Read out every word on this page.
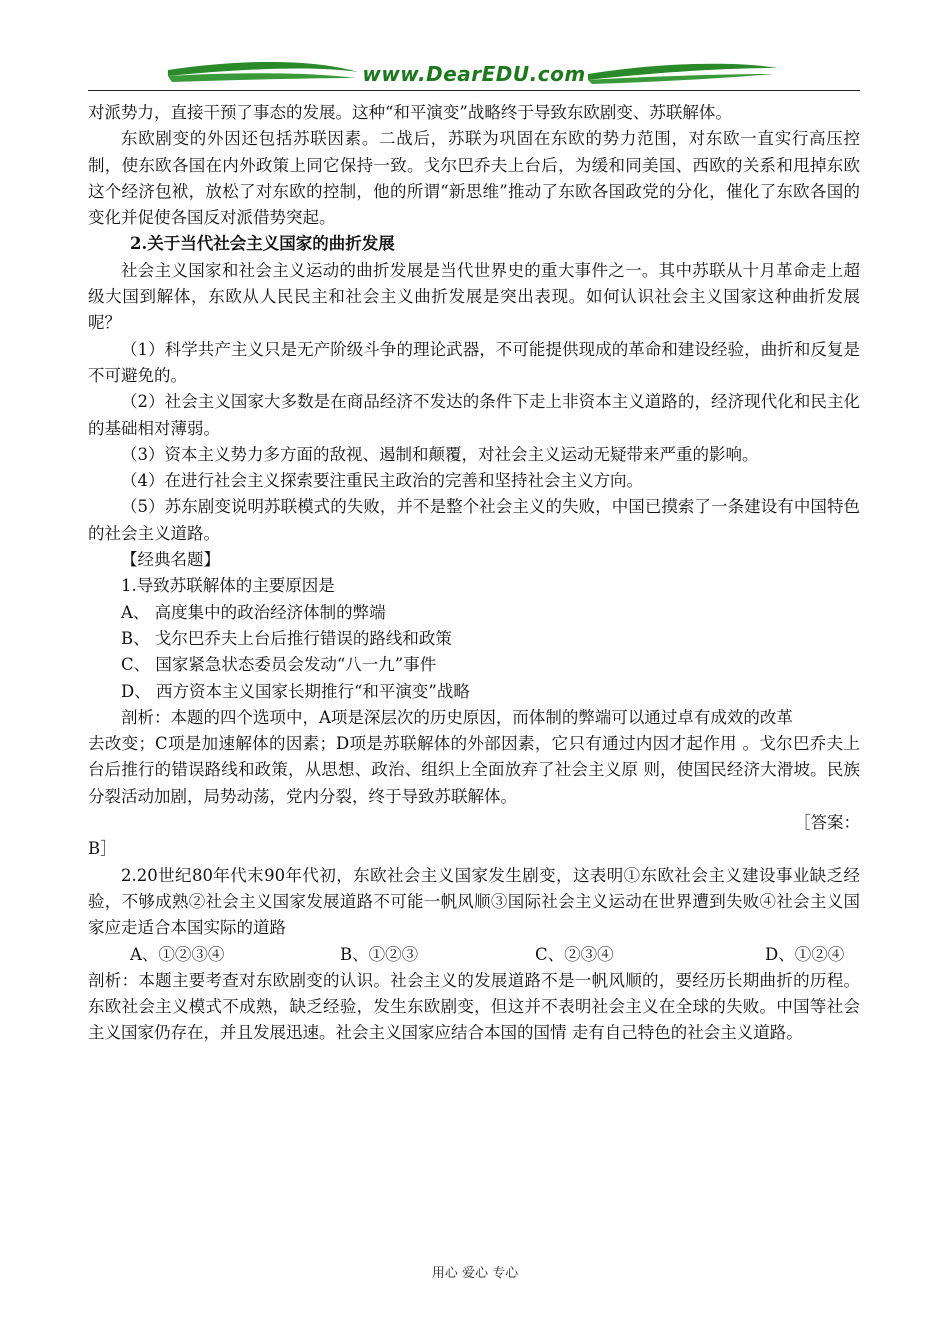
www.DearEDU.com

对派势力，直接干预了事态的发展。这种“和平演变”战略终于导致东欧剧变、苏联解体。

东欧剧变的外因还包括苏联因素。二战后，苏联为巩固在东欧的势力范围，对东欧一直实行高压控制，使东欧各国在内外政策上同它保持一致。戈尔巴乔夫上台后，为缓和同美国、西欧的关系和甩掉东欧这个经济包袱，放松了对东欧的控制，他的所谓“新思维”推动了东欧各国政党的分化，催化了东欧各国的变化并促使各国反对派借势突起。

2.关于当代社会主义国家的曲折发展

社会主义国家和社会主义运动的曲折发展是当代世界史的重大事件之一。其中苏联从十月革命走上超级大国到解体，东欧从人民民主和社会主义曲折发展是突出表现。如何认识社会主义国家这种曲折发展呢？

（1）科学共产主义只是无产阶级斗争的理论武器，不可能提供现成的革命和建设经验，曲折和反复是不可避免的。

（2）社会主义国家大多数是在商品经济不发达的条件下走上非资本主义道路的，经济现代化和民主化的基础相对薄弱。

（3）资本主义势力多方面的敌视、遏制和颠覆，对社会主义运动无疑带来严重的影响。

（4）在进行社会主义探索要注重民主政治的完善和坚持社会主义方向。

（5）苏东剧变说明苏联模式的失败，并不是整个社会主义的失败，中国已摸索了一条建设有中国特色的社会主义道路。

【经典名题】

1.导致苏联解体的主要原因是

A、 高度集中的政治经济体制的弊端

B、 戈尔巴乔夫上台后推行错误的路线和政策

C、 国家紧急状态委员会发动“八一九”事件

D、 西方资本主义国家长期推行“和平演变”战略

剖析：本题的四个选项中，A项是深层次的历史原因，而体制的弊端可以通过卓有成效的改革

去改变；C项是加速解体的因素；D项是苏联解体的外部因素，它只有通过内因才起作用 。戈尔巴乔夫上台后推行的错误路线和政策，从思想、政治、组织上全面放弃了社会主义原 则，使国民经济大滑坡。民族分裂活动加剧，局势动荡，党内分裂，终于导致苏联解体。

［答案：

B］

2.20世纪80年代末90年代初，东欧社会主义国家发生剧变，这表明①东欧社会主义建设事业缺乏经验，不够成熟②社会主义国家发展道路不可能一帆风顺③国际社会主义运动在世界遭到失败④社会主义国家应走适合本国实际的道路

A、①②③④	B、①②③	C、②③④	D、①②④

剖析：本题主要考查对东欧剧变的认识。社会主义的发展道路不是一帆风顺的，要经历长期曲折的历程。东欧社会主义模式不成熟，缺乏经验，发生东欧剧变，但这并不表明社会主义在全球的失败。中国等社会主义国家仍存在，并且发展迅速。社会主义国家应结合本国的国情 走有自己特色的社会主义道路。

用心 爱心 专心
